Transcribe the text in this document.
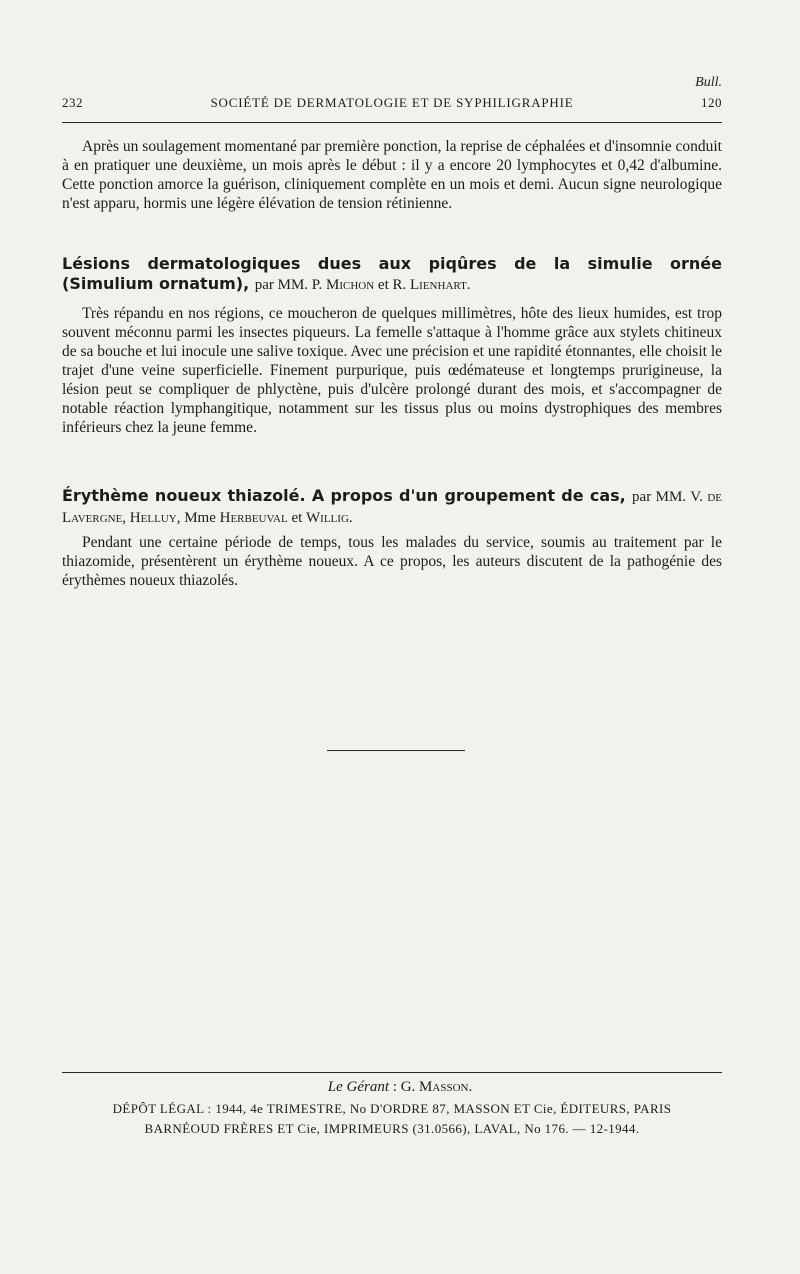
Bull.
232	SOCIÉTÉ DE DERMATOLOGIE ET DE SYPHILIGRAPHIE	120

Après un soulagement momentané par première ponction, la reprise de céphalées et d'insomnie conduit à en pratiquer une deuxième, un mois après le début : il y a encore 20 lymphocytes et 0,42 d'albumine. Cette ponction amorce la guérison, cliniquement complète en un mois et demi. Aucun signe neurologique n'est apparu, hormis une légère élévation de tension rétinienne.

Lésions dermatologiques dues aux piqûres de la simulie ornée (Simulium ornatum), par MM. P. Michon et R. Lienhart.

Très répandu en nos régions, ce moucheron de quelques millimètres, hôte des lieux humides, est trop souvent méconnu parmi les insectes piqueurs. La femelle s'attaque à l'homme grâce aux stylets chitineux de sa bouche et lui inocule une salive toxique. Avec une précision et une rapidité étonnantes, elle choisit le trajet d'une veine superficielle. Finement purpurique, puis œdémateuse et longtemps prurigineuse, la lésion peut se compliquer de phlyctène, puis d'ulcère prolongé durant des mois, et s'accompagner de notable réaction lymphangitique, notamment sur les tissus plus ou moins dystrophiques des membres inférieurs chez la jeune femme.

Érythème noueux thiazolé. A propos d'un groupement de cas, par MM. V. de Lavergne, Helluy, Mme Herbeuval et Willig.

Pendant une certaine période de temps, tous les malades du service, soumis au traitement par le thiazomide, présentèrent un érythème noueux. A ce propos, les auteurs discutent de la pathogénie des érythèmes noueux thiazolés.

Le Gérant : G. Masson.
DÉPÔT LÉGAL : 1944, 4e TRIMESTRE, No D'ORDRE 87, MASSON ET Cie, ÉDITEURS, PARIS
BARNÉOUD FRÈRES ET Cie, IMPRIMEURS (31.0566), LAVAL, No 176. — 12-1944.
